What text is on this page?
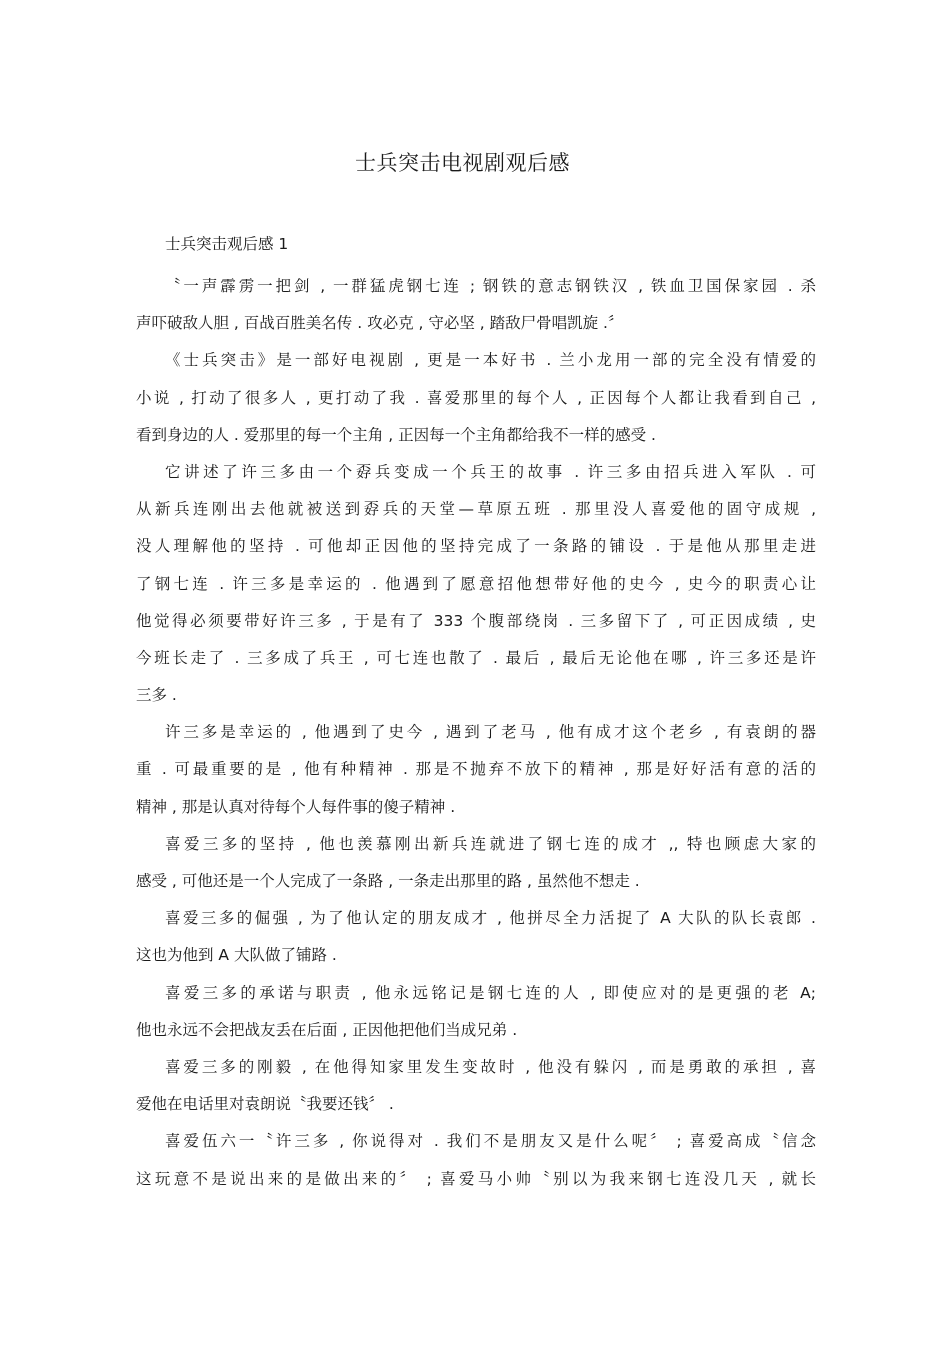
士兵突击电视剧观后感
士兵突击观后感 1
〝一声霹雳一把剑 , 一群猛虎钢七连 ; 钢铁的意志钢铁汉 , 铁血卫国保家园 . 杀
声吓破敌人胆 , 百战百胜美名传 . 攻必克 , 守必坚 , 踏敌尸骨唱凯旋 .〞
《士兵突击》是一部好电视剧 , 更是一本好书 . 兰小龙用一部的完全没有情爱的
小说 , 打动了很多人 , 更打动了我 . 喜爱那里的每个人 , 正因每个人都让我看到自己 ,
看到身边的人 . 爱那里的每一个主角 , 正因每一个主角都给我不一样的感受 .
它讲述了许三多由一个孬兵变成一个兵王的故事 . 许三多由招兵进入军队 . 可
从新兵连刚出去他就被送到孬兵的天堂—草原五班 . 那里没人喜爱他的固守成规 ,
没人理解他的坚持 . 可他却正因他的坚持完成了一条路的铺设 . 于是他从那里走进
了钢七连 . 许三多是幸运的 . 他遇到了愿意招他想带好他的史今 , 史今的职责心让
他觉得必须要带好许三多 , 于是有了 333 个腹部绕岗 . 三多留下了 , 可正因成绩 , 史
今班长走了 . 三多成了兵王 , 可七连也散了 . 最后 , 最后无论他在哪 , 许三多还是许
三多 .
许三多是幸运的 , 他遇到了史今 , 遇到了老马 , 他有成才这个老乡 , 有袁朗的器
重 . 可最重要的是 , 他有种精神 . 那是不抛弃不放下的精神 , 那是好好活有意的活的
精神 , 那是认真对待每个人每件事的傻子精神 .
喜爱三多的坚持 , 他也羡慕刚出新兵连就进了钢七连的成才 ,, 特也顾虑大家的
感受 , 可他还是一个人完成了一条路 , 一条走出那里的路 , 虽然他不想走 .
喜爱三多的倔强 , 为了他认定的朋友成才 , 他拼尽全力活捉了 A 大队的队长袁郎 .
这也为他到 A 大队做了铺路 .
喜爱三多的承诺与职责 , 他永远铭记是钢七连的人 , 即使应对的是更强的老 A;
他也永远不会把战友丢在后面 , 正因他把他们当成兄弟 .
喜爱三多的刚毅 , 在他得知家里发生变故时 , 他没有躲闪 , 而是勇敢的承担 , 喜
爱他在电话里对袁朗说〝我要还钱〞 .
喜爱伍六一〝许三多 , 你说得对 . 我们不是朋友又是什么呢〞 ; 喜爱高成〝信念
这玩意不是说出来的是做出来的〞 ; 喜爱马小帅〝别以为我来钢七连没几天 , 就长
